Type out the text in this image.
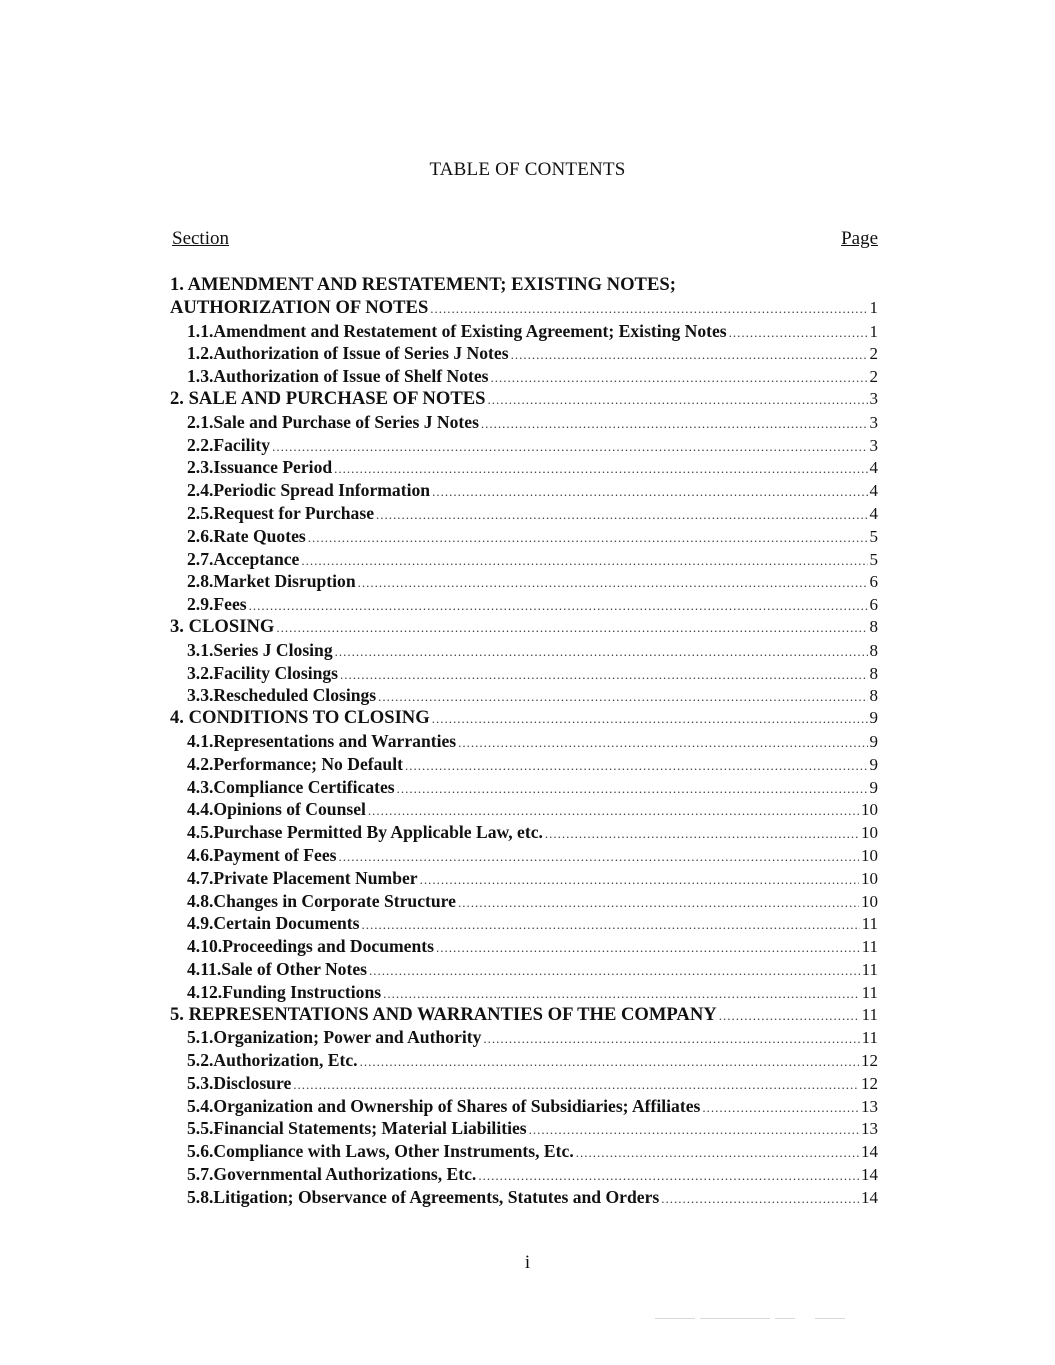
TABLE OF CONTENTS
Section	Page
1. AMENDMENT AND RESTATEMENT; EXISTING NOTES;
AUTHORIZATION OF NOTES .....	1
1.1.Amendment and Restatement of Existing Agreement; Existing Notes .....	1
1.2.Authorization of Issue of Series J Notes .....	2
1.3.Authorization of Issue of Shelf Notes .....	2
2. SALE AND PURCHASE OF NOTES .....	3
2.1.Sale and Purchase of Series J Notes .....	3
2.2.Facility .....	3
2.3.Issuance Period .....	4
2.4.Periodic Spread Information .....	4
2.5.Request for Purchase .....	4
2.6.Rate Quotes .....	5
2.7.Acceptance .....	5
2.8.Market Disruption .....	6
2.9.Fees .....	6
3. CLOSING .....	8
3.1.Series J Closing .....	8
3.2.Facility Closings .....	8
3.3.Rescheduled Closings .....	8
4. CONDITIONS TO CLOSING .....	9
4.1.Representations and Warranties .....	9
4.2.Performance; No Default .....	9
4.3.Compliance Certificates .....	9
4.4.Opinions of Counsel .....	10
4.5.Purchase Permitted By Applicable Law, etc. .....	10
4.6.Payment of Fees .....	10
4.7.Private Placement Number .....	10
4.8.Changes in Corporate Structure .....	10
4.9.Certain Documents .....	11
4.10.Proceedings and Documents .....	11
4.11.Sale of Other Notes .....	11
4.12.Funding Instructions .....	11
5. REPRESENTATIONS AND WARRANTIES OF THE COMPANY .....	11
5.1.Organization; Power and Authority .....	11
5.2.Authorization, Etc. .....	12
5.3.Disclosure .....	12
5.4.Organization and Ownership of Shares of Subsidiaries; Affiliates .....	13
5.5.Financial Statements; Material Liabilities .....	13
5.6.Compliance with Laws, Other Instruments, Etc. .....	14
5.7.Governmental Authorizations, Etc. .....	14
5.8.Litigation; Observance of Agreements, Statutes and Orders .....	14
i
